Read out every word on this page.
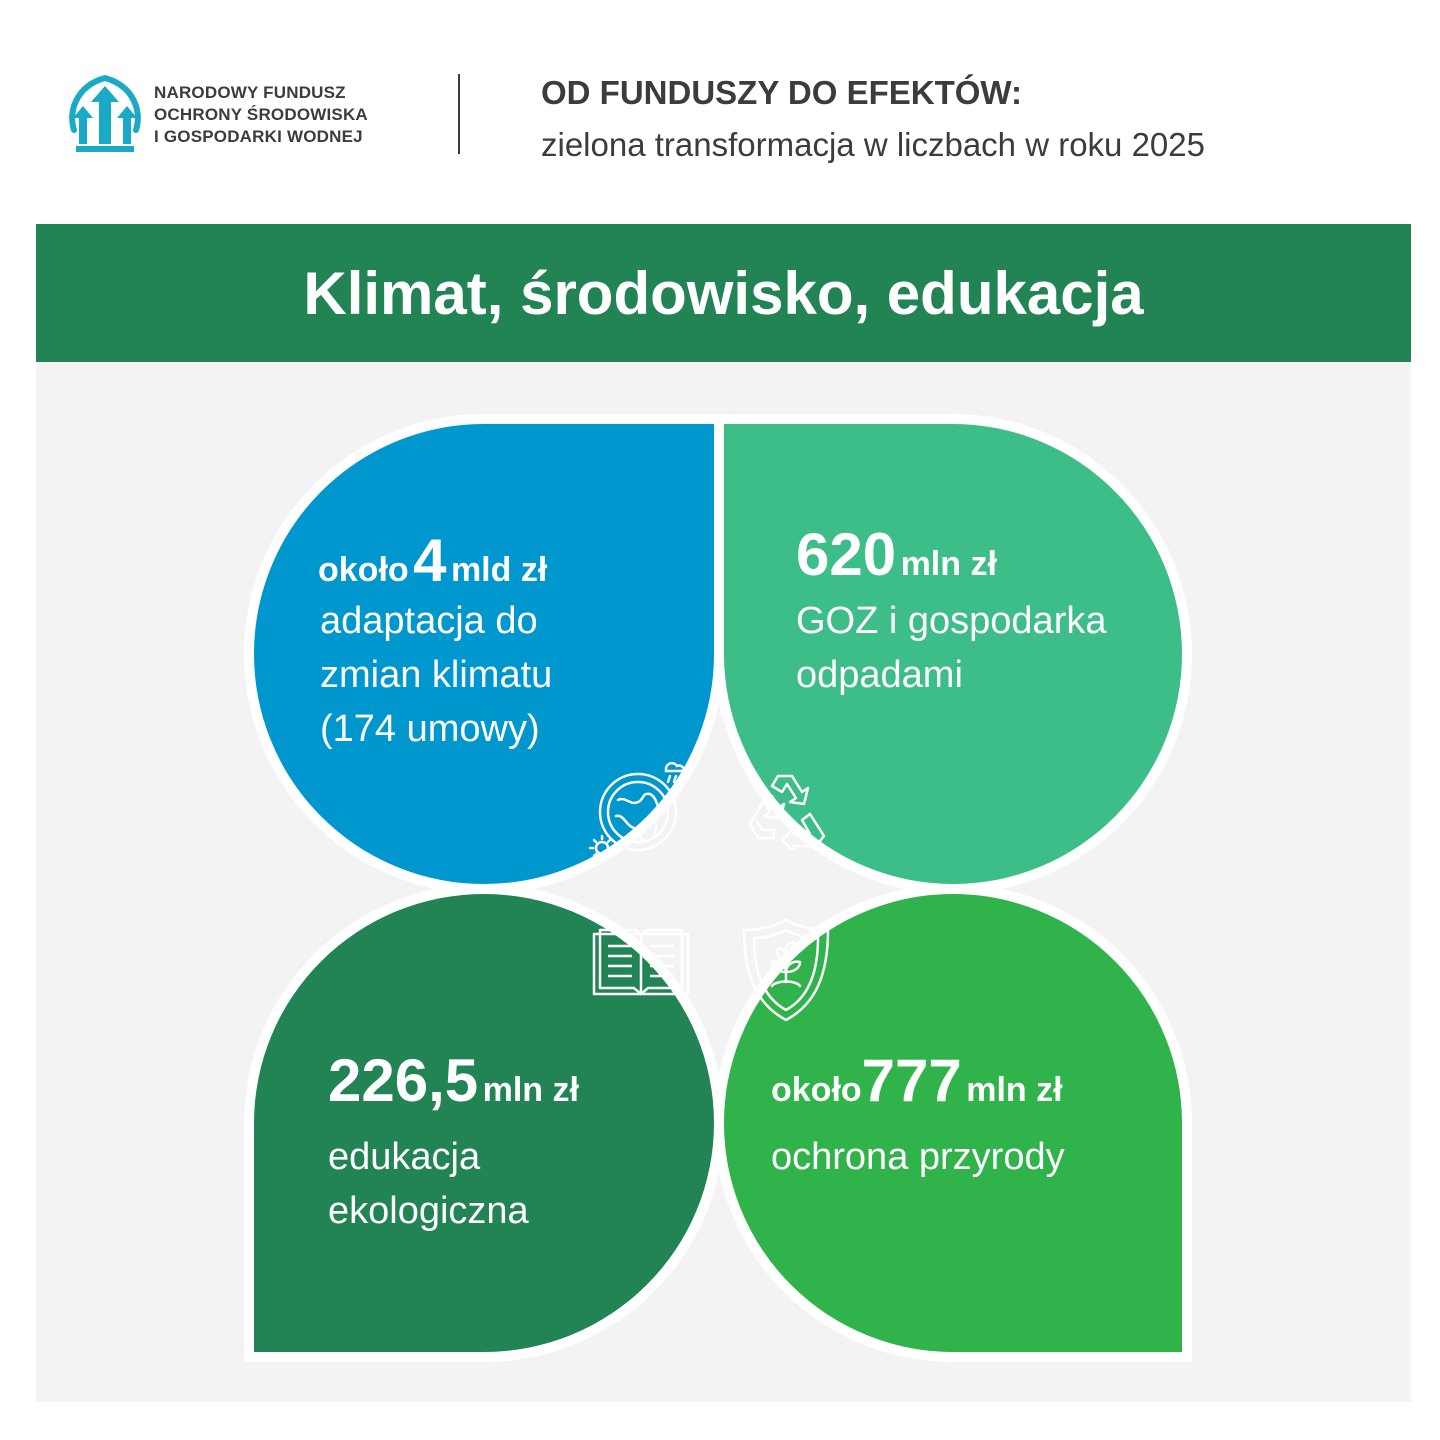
NARODOWY FUNDUSZ
OCHRONY ŚRODOWISKA
I GOSPODARKI WODNEJ
OD FUNDUSZY DO EFEKTÓW:
zielona transformacja w liczbach w roku 2025
Klimat, środowisko, edukacja
około 4 mld zł
adaptacja do
zmian klimatu
(174 umowy)
620 mln zł
GOZ i gospodarka
odpadami
226,5 mln zł
edukacja
ekologiczna
około777 mln zł
ochrona przyrody
